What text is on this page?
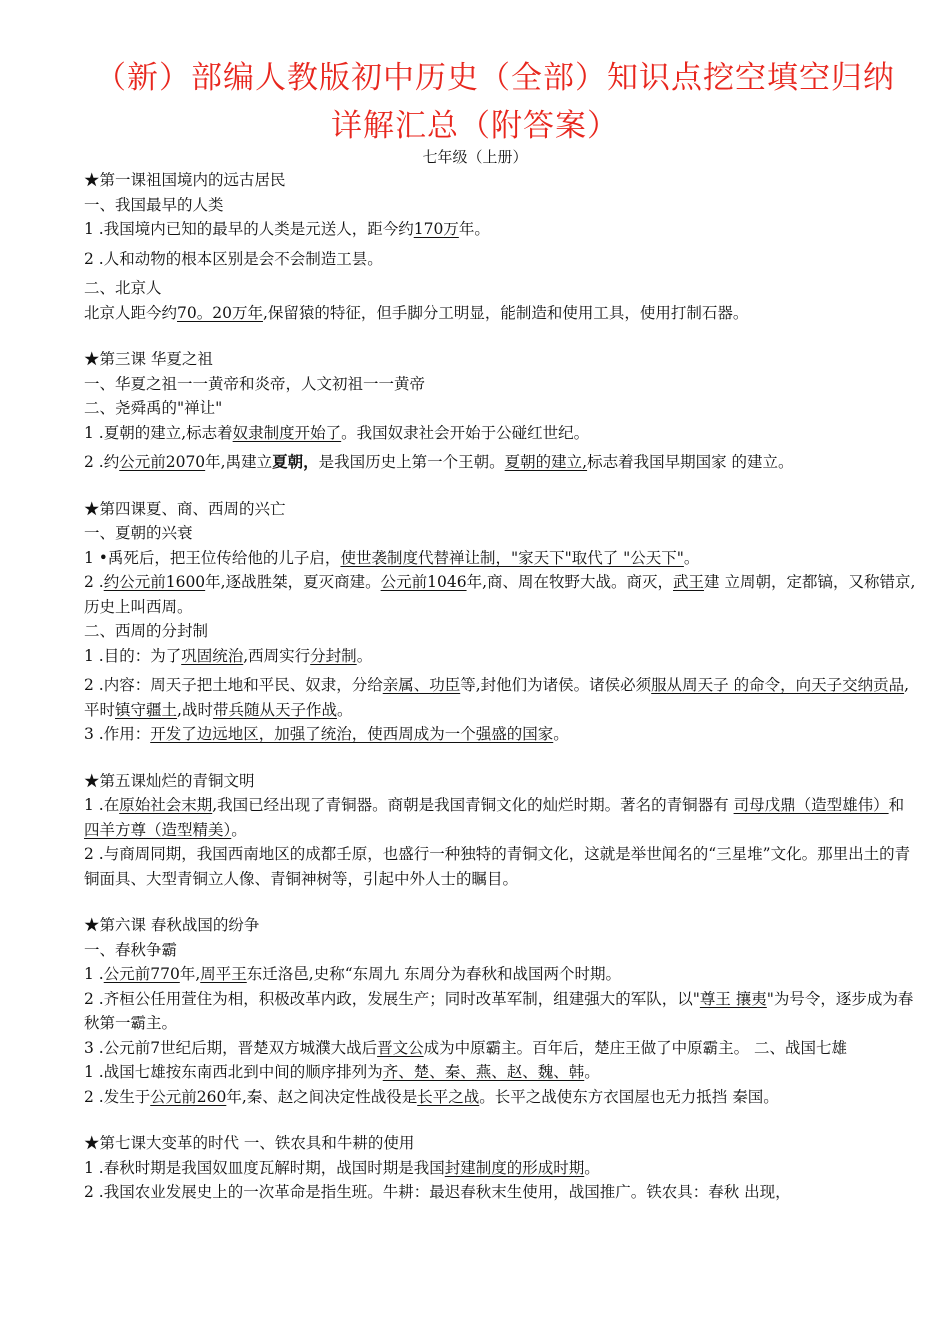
（新）部编人教版初中历史（全部）知识点挖空填空归纳
详解汇总（附答案）
七年级（上册）

★第一课祖国境内的远古居民

一、我国最早的人类

1 .我国境内已知的最早的人类是元送人，距今约170万年。

2 .人和动物的根本区别是会不会制造工昙。

二、北京人

北京人距今约70。20万年,保留猿的特征，但手脚分工明显，能制造和使用工具，使用打制石器。

★第三课 华夏之祖

一、华夏之祖一一黄帝和炎帝，人文初祖一一黄帝

二、尧舜禹的"禅让"

1 .夏朝的建立,标志着奴隶制度开始了。我国奴隶社会开始于公碰红世纪。

2 .约公元前2070年,禺建立夏朝，是我国历史上第一个王朝。夏朝的建立,标志着我国早期国家 的建立。

★第四课夏、商、西周的兴亡

一、夏朝的兴衰

1 •禹死后，把王位传给他的儿子启，使世袭制度代替禅让制，"家天下"取代了 "公天下"。

2 .约公元前1600年,逐战胜桀，夏灭商建。公元前1046年,商、周在牧野大战。商灭，武王建 立周朝，定都镐，又称错京,历史上叫西周。

二、西周的分封制

1 .目的：为了巩固统治,西周实行分封制。

2 .内容：周天子把土地和平民、奴隶，分给亲属、功臣等,封他们为诸侯。诸侯必须服从周天子 的命令，向天子交纳贡品,平时镇守疆土,战时带兵随从天子作战。

3 .作用：开发了边远地区，加强了统治，使西周成为一个强盛的国家。

★第五课灿烂的青铜文明

1 .在原始社会末期,我国已经出现了青铜器。商朝是我国青铜文化的灿烂时期。著名的青铜器有 司母戊鼎（造型雄伟）和四羊方尊（造型精美）。

2 .与商周同期，我国西南地区的成都壬原，也盛行一种独特的青铜文化，这就是举世闻名的“三星堆”文化。那里出土的青铜面具、大型青铜立人像、青铜神树等，引起中外人士的瞩目。

★第六课 春秋战国的纷争

一、春秋争霸

1 .公元前770年,周平王东迁洛邑,史称“东周九 东周分为春秋和战国两个时期。

2 .齐桓公任用萱住为相，积极改革内政，发展生产；同时改革军制，组建强大的军队，以"尊王 攘夷"为号令，逐步成为春秋第一霸主。

3 .公元前7世纪后期，晋楚双方城濮大战后晋文公成为中原霸主。百年后，楚庄王做了中原霸主。 二、战国七雄

1 .战国七雄按东南西北到中间的顺序排列为齐、楚、秦、燕、赵、魏、韩。

2 .发生于公元前260年,秦、赵之间决定性战役是长平之战。长平之战使东方衣国屋也无力抵挡 秦国。

★第七课大变革的时代 一、铁农具和牛耕的使用

1 .春秋时期是我国奴皿度瓦解时期，战国时期是我国封建制度的形成时期。

2 .我国农业发展史上的一次革命是指生班。牛耕：最迟春秋末生使用，战国推广。铁农具：春秋 出现，
